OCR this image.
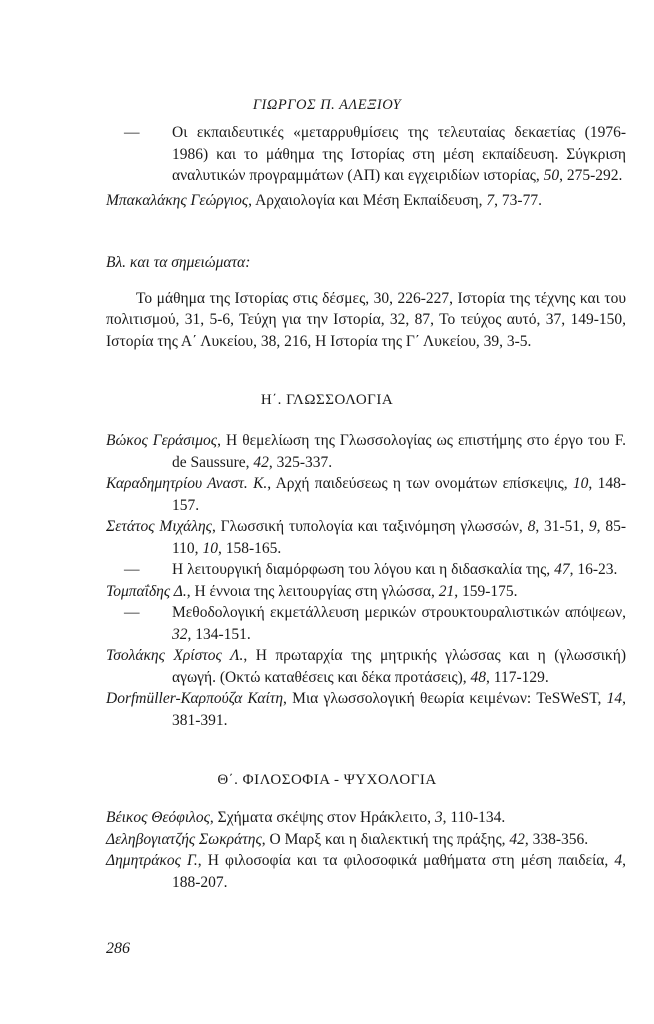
ΓΙΩΡΓΟΣ Π. ΑΛΕΞΙΟΥ

— Οι εκπαιδευτικές «μεταρρυθμίσεις της τελευταίας δεκαετίας (1976-1986) και το μάθημα της Ιστορίας στη μέση εκπαίδευση. Σύγκριση αναλυτικών προγραμμάτων (ΑΠ) και εγχειριδίων ιστορίας, 50, 275-292.

Μπακαλάκης Γεώργιος, Αρχαιολογία και Μέση Εκπαίδευση, 7, 73-77.

Βλ. και τα σημειώματα:

Το μάθημα της Ιστορίας στις δέσμες, 30, 226-227, Ιστορία της τέχνης και του πολιτισμού, 31, 5-6, Τεύχη για την Ιστορία, 32, 87, Το τεύχος αυτό, 37, 149-150, Ιστορία της Α΄ Λυκείου, 38, 216, Η Ιστορία της Γ΄ Λυκείου, 39, 3-5.

Η΄. ΓΛΩΣΣΟΛΟΓΙΑ

Βώκος Γεράσιμος, Η θεμελίωση της Γλωσσολογίας ως επιστήμης στο έργο του F. de Saussure, 42, 325-337.

Καραδημητρίου Αναστ. Κ., Αρχή παιδεύσεως η των ονομάτων επίσκεψις, 10, 148-157.

Σετάτος Μιχάλης, Γλωσσική τυπολογία και ταξινόμηση γλωσσών, 8, 31-51, 9, 85-110, 10, 158-165.

— Η λειτουργική διαμόρφωση του λόγου και η διδασκαλία της, 47, 16-23.

Τομπαΐδης Δ., Η έννοια της λειτουργίας στη γλώσσα, 21, 159-175.

— Μεθοδολογική εκμετάλλευση μερικών στρουκτουραλιστικών απόψεων, 32, 134-151.

Τσολάκης Χρίστος Λ., Η πρωταρχία της μητρικής γλώσσας και η (γλωσσική) αγωγή. (Οκτώ καταθέσεις και δέκα προτάσεις), 48, 117-129.

Dorfmüller-Καρπούζα Καίτη, Μια γλωσσολογική θεωρία κειμένων: TeSWeST, 14, 381-391.

Θ΄. ΦΙΛΟΣΟΦΙΑ - ΨΥΧΟΛΟΓΙΑ

Βέικος Θεόφιλος, Σχήματα σκέψης στον Ηράκλειτο, 3, 110-134.

Δεληβογιατζής Σωκράτης, Ο Μαρξ και η διαλεκτική της πράξης, 42, 338-356.

Δημητράκος Γ., Η φιλοσοφία και τα φιλοσοφικά μαθήματα στη μέση παιδεία, 4, 188-207.

286
